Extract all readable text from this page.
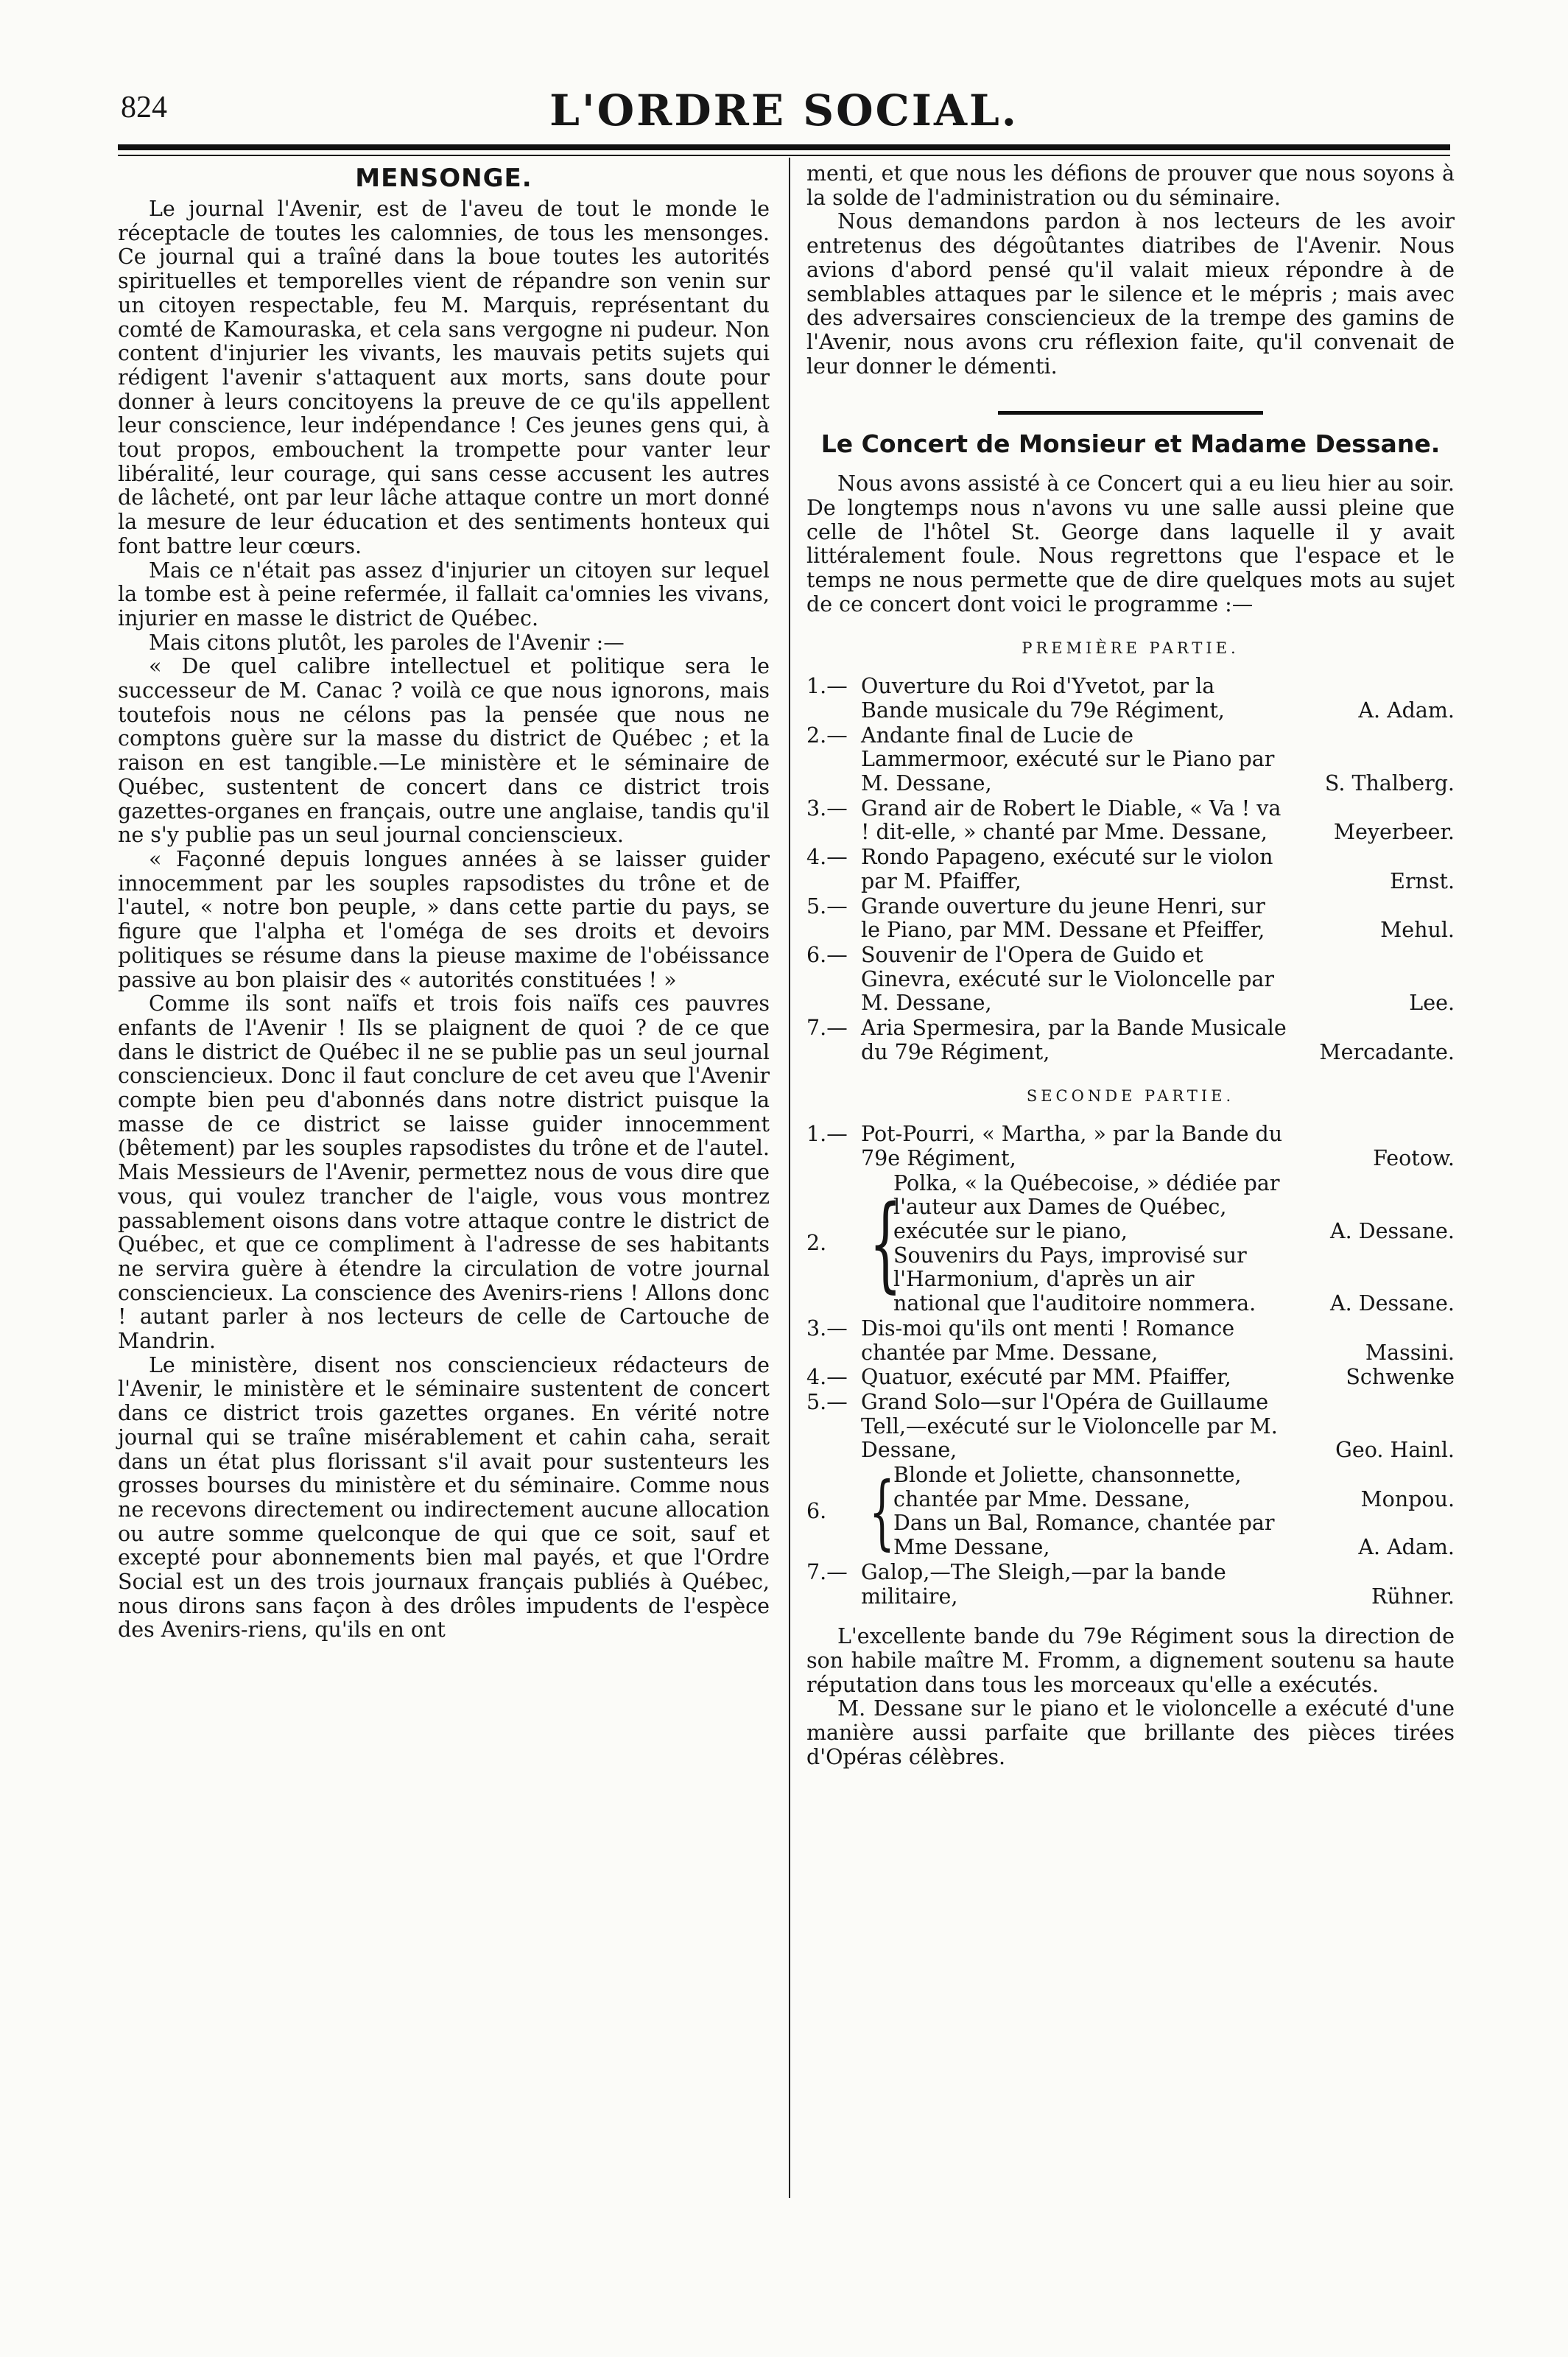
824	L'ORDRE SOCIAL.
MENSONGE.

Le journal l'Avenir, est de l'aveu de tout le monde le réceptacle de toutes les calomnies, de tous les mensonges. Ce journal qui a traîné dans la boue toutes les autorités spirituelles et temporelles vient de répandre son venin sur un citoyen respectable, feu M. Marquis, représentant du comté de Kamouraska, et cela sans vergogne ni pudeur. Non content d'injurier les vivants, les mauvais petits sujets qui rédigent l'avenir s'attaquent aux morts, sans doute pour donner à leurs concitoyens la preuve de ce qu'ils appellent leur conscience, leur indépendance ! Ces jeunes gens qui, à tout propos, embouchent la trompette pour vanter leur libéralité, leur courage, qui sans cesse accusent les autres de lâcheté, ont par leur lâche attaque contre un mort donné la mesure de leur éducation et des sentiments honteux qui font battre leur cœurs.

Mais ce n'était pas assez d'injurier un citoyen sur lequel la tombe est à peine refermée, il fallait ca'omnies les vivans, injurier en masse le district de Québec.

Mais citons plutôt, les paroles de l'Avenir :—

« De quel calibre intellectuel et politique sera le successeur de M. Canac ? voilà ce que nous ignorons, mais toutefois nous ne célons pas la pensée que nous ne comptons guère sur la masse du district de Québec ; et la raison en est tangible.—Le ministère et le séminaire de Québec, sustentent de concert dans ce district trois gazettes-organes en français, outre une anglaise, tandis qu'il ne s'y publie pas un seul journal concienscieux.

« Façonné depuis longues années à se laisser guider innocemment par les souples rapsodistes du trône et de l'autel, « notre bon peuple, » dans cette partie du pays, se figure que l'alpha et l'oméga de ses droits et devoirs politiques se résume dans la pieuse maxime de l'obéissance passive au bon plaisir des « autorités constituées ! »

Comme ils sont naïfs et trois fois naïfs ces pauvres enfants de l'Avenir ! Ils se plaignent de quoi ? de ce que dans le district de Québec il ne se publie pas un seul journal consciencieux. Donc il faut conclure de cet aveu que l'Avenir compte bien peu d'abonnés dans notre district puisque la masse de ce district se laisse guider innocemment (bêtement) par les souples rapsodistes du trône et de l'autel. Mais Messieurs de l'Avenir, permettez nous de vous dire que vous, qui voulez trancher de l'aigle, vous vous montrez passablement oisons dans votre attaque contre le district de Québec, et que ce compliment à l'adresse de ses habitants ne servira guère à étendre la circulation de votre journal consciencieux. La conscience des Avenirs-riens ! Allons donc ! autant parler à nos lecteurs de celle de Cartouche de Mandrin.

Le ministère, disent nos consciencieux rédacteurs de l'Avenir, le ministère et le séminaire sustentent de concert dans ce district trois gazettes organes. En vérité notre journal qui se traîne misérablement et cahin caha, serait dans un état plus florissant s'il avait pour sustenteurs les grosses bourses du ministère et du séminaire. Comme nous ne recevons directement ou indirectement aucune allocation ou autre somme quelconque de qui que ce soit, sauf et excepté pour abonnements bien mal payés, et que l'Ordre Social est un des trois journaux français publiés à Québec, nous dirons sans façon à des drôles impudents de l'espèce des Avenirs-riens, qu'ils en ont

menti, et que nous les défions de prouver que nous soyons à la solde de l'administration ou du séminaire.

Nous demandons pardon à nos lecteurs de les avoir entretenus des dégoûtantes diatribes de l'Avenir. Nous avions d'abord pensé qu'il valait mieux répondre à de semblables attaques par le silence et le mépris ; mais avec des adversaires consciencieux de la trempe des gamins de l'Avenir, nous avons cru réflexion faite, qu'il convenait de leur donner le démenti.

Le Concert de Monsieur et Madame Dessane.

Nous avons assisté à ce Concert qui a eu lieu hier au soir. De longtemps nous n'avons vu une salle aussi pleine que celle de l'hôtel St. George dans laquelle il y avait littéralement foule. Nous regrettons que l'espace et le temps ne nous permette que de dire quelques mots au sujet de ce concert dont voici le programme :—

PREMIÈRE PARTIE.
1.— Ouverture du Roi d'Yvetot, par la Bande musicale du 79e Régiment,	A. Adam.
2.— Andante final de Lucie de Lammermoor, exécuté sur le Piano par M. Dessane,	S. Thalberg.
3.— Grand air de Robert le Diable, « Va ! va ! dit-elle, » chanté par Mme. Dessane,	Meyerbeer.
4.— Rondo Papageno, exécuté sur le violon par M. Pfaiffer,	Ernst.
5.— Grande ouverture du jeune Henri, sur le Piano, par MM. Dessane et Pfeiffer,	Mehul.
6.— Souvenir de l'Opera de Guido et Ginevra, exécuté sur le Violoncelle par M. Dessane,	Lee.
7.— Aria Spermesira, par la Bande Musicale du 79e Régiment,	Mercadante.
SECONDE PARTIE.
1.— Pot-Pourri, « Martha, » par la Bande du 79e Régiment,	Feotow.
2. {
Polka, « la Québecoise, » dédiée par l'auteur aux Dames de Québec, exécutée sur le piano,	A. Dessane.
Souvenirs du Pays, improvisé sur l'Harmonium, d'après un air national que l'auditoire nommera.	A. Dessane.
3.— Dis-moi qu'ils ont menti ! Romance chantée par Mme. Dessane,	Massini.
4.— Quatuor, exécuté par MM. Pfaiffer,	Schwenke
5.— Grand Solo—sur l'Opéra de Guillaume Tell,—exécuté sur le Violoncelle par M. Dessane,	Geo. Hainl.
6. {
Blonde et Joliette, chansonnette, chantée par Mme. Dessane,	Monpou.
Dans un Bal, Romance, chantée par Mme Dessane,	A. Adam.
7.— Galop,—The Sleigh,—par la bande militaire,	Rühner.

L'excellente bande du 79e Régiment sous la direction de son habile maître M. Fromm, a dignement soutenu sa haute réputation dans tous les morceaux qu'elle a exécutés.

M. Dessane sur le piano et le violoncelle a exécuté d'une manière aussi parfaite que brillante des pièces tirées d'Opéras célèbres.
